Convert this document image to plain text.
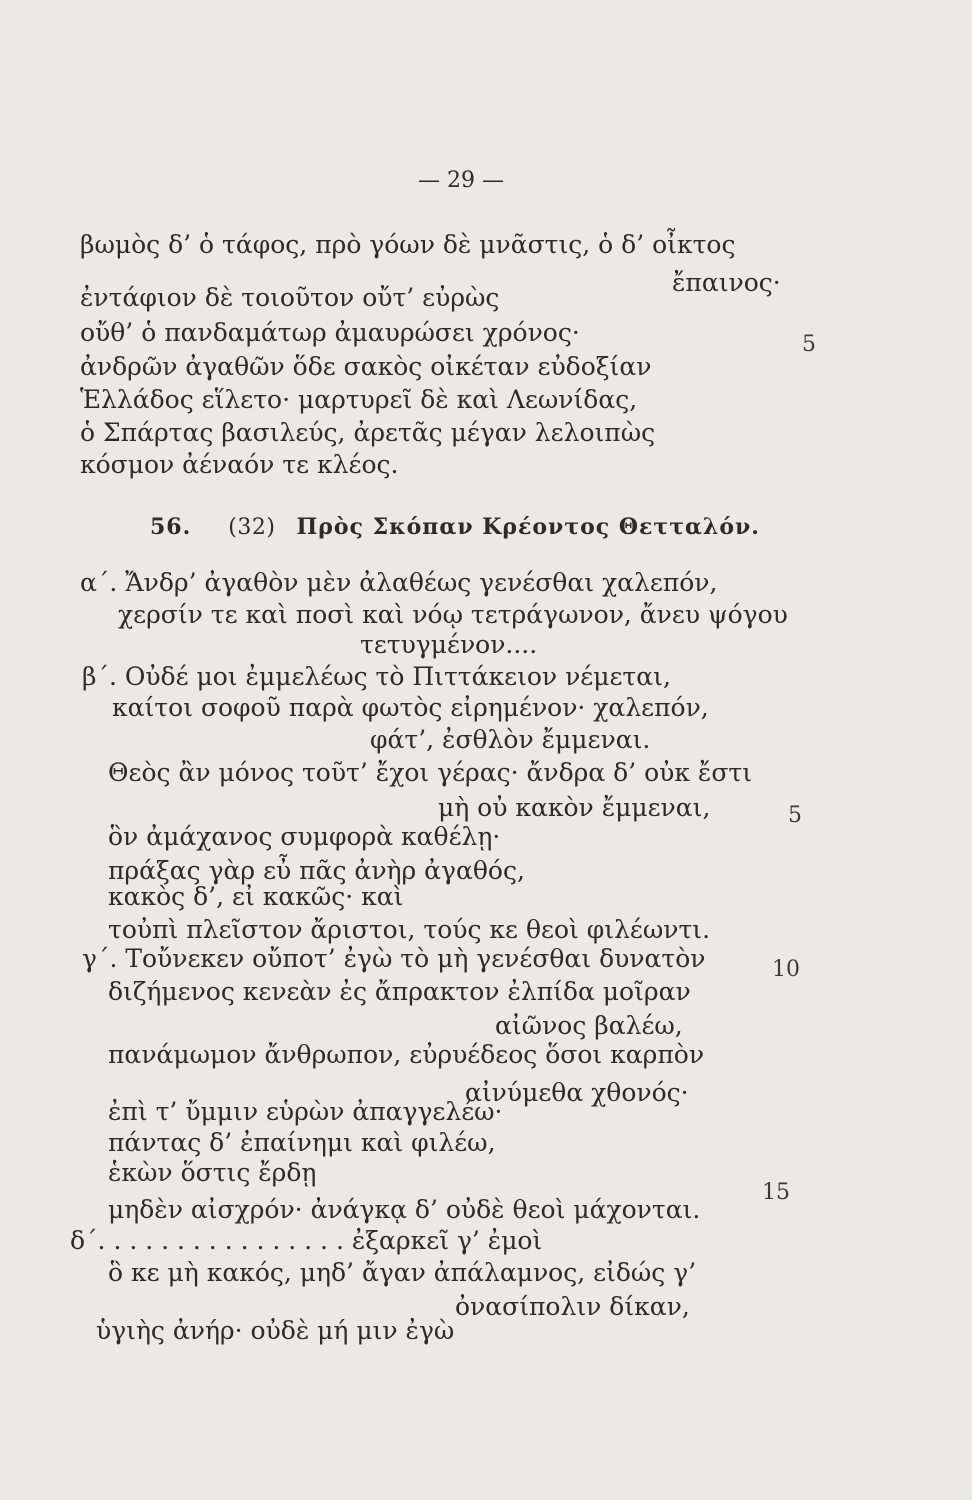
— 29 —
βωμὸς δ’ ὁ τάφος, πρὸ γόων δὲ μνᾶστις, ὁ δ’ οἶκτος
ἔπαινος·
ἐντάφιον δὲ τοιοῦτον οὔτ’ εὐρὼς
οὔθ’ ὁ πανδαμάτωρ ἀμαυρώσει χρόνος·
ἀνδρῶν ἀγαθῶν ὅδε σακὸς οἰκέταν εὐδοξίαν
Ἑλλάδος εἵλετο· μαρτυρεῖ δὲ καὶ Λεωνίδας,
ὁ Σπάρτας βασιλεύς, ἀρετᾶς μέγαν λελοιπὼς
κόσμον ἀέναόν τε κλέος.
5
56. (32) Πρὸς Σκόπαν Κρέοντος Θετταλόν.
α΄. Ἄνδρ’ ἀγαθὸν μὲν ἀλαθέως γενέσθαι χαλεπόν,
χερσίν τε καὶ ποσὶ καὶ νόῳ τετράγωνον, ἄνευ ψόγου
τετυγμένον....
β΄. Οὐδέ μοι ἐμμελέως τὸ Πιττάκειον νέμεται,
καίτοι σοφοῦ παρὰ φωτὸς εἰρημένον· χαλεπόν,
φάτ’, ἐσθλὸν ἔμμεναι.
Θεὸς ἂν μόνος τοῦτ’ ἔχοι γέρας· ἄνδρα δ’ οὐκ ἔστι
μὴ οὐ κακὸν ἔμμεναι,
ὃν ἀμάχανος συμφορὰ καθέλῃ·
πράξας γὰρ εὖ πᾶς ἀνὴρ ἀγαθός,
κακὸς δ’, εἰ κακῶς· καὶ
τοὐπὶ πλεῖστον ἄριστοι, τούς κε θεοὶ φιλέωντι.
γ΄. Τοὔνεκεν οὔποτ’ ἐγὼ τὸ μὴ γενέσθαι δυνατὸν
διζήμενος κενεὰν ἐς ἄπρακτον ἐλπίδα μοῖραν
αἰῶνος βαλέω,
πανάμωμον ἄνθρωπον, εὐρυέδεος ὅσοι καρπὸν
αἰνύμεθα χθονός·
ἐπὶ τ’ ὔμμιν εὑρὼν ἀπαγγελέω·
πάντας δ’ ἐπαίνημι καὶ φιλέω,
ἑκὼν ὅστις ἔρδῃ
μηδὲν αἰσχρόν· ἀνάγκᾳ δ’ οὐδὲ θεοὶ μάχονται.
δ΄. . . . . . . . . . . . . . . . ἐξαρκεῖ γ’ ἐμοὶ
ὃ κε μὴ κακός, μηδ’ ἄγαν ἀπάλαμνος, εἰδώς γ’
ὀνασίπολιν δίκαν,
ὑγιὴς ἀνήρ· οὐδὲ μή μιν ἐγὼ
5
10
15
